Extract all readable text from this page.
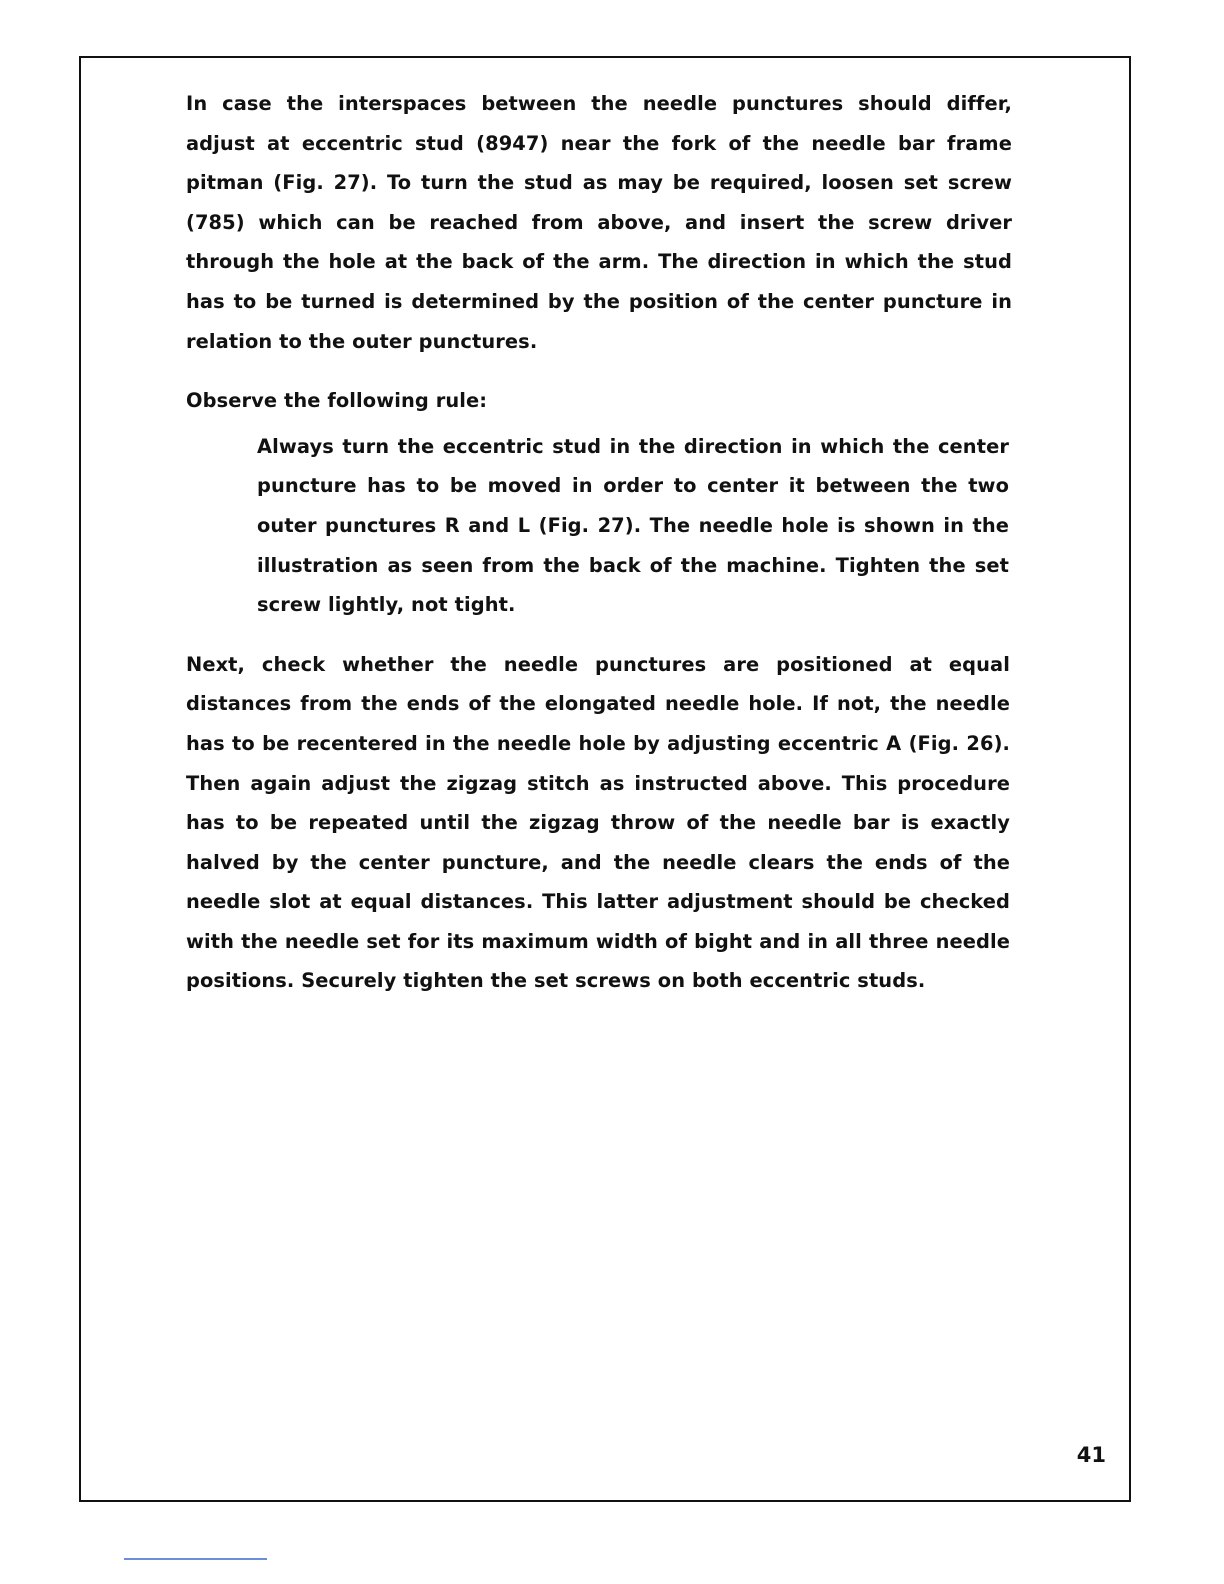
In case the interspaces between the needle punctures should differ, adjust at eccentric stud (8947) near the fork of the needle bar frame pitman (Fig. 27). To turn the stud as may be required, loosen set screw (785) which can be reached from above, and insert the screw driver through the hole at the back of the arm. The direction in which the stud has to be turned is determined by the position of the center puncture in relation to the outer punctures.

Observe the following rule:

Always turn the eccentric stud in the direction in which the center puncture has to be moved in order to center it between the two outer punctures R and L (Fig. 27). The needle hole is shown in the illustration as seen from the back of the machine. Tighten the set screw lightly, not tight.

Next, check whether the needle punctures are positioned at equal distances from the ends of the elongated needle hole. If not, the needle has to be recentered in the needle hole by adjusting eccentric A (Fig. 26). Then again adjust the zigzag stitch as instructed above. This procedure has to be repeated until the zigzag throw of the needle bar is exactly halved by the center puncture, and the needle clears the ends of the needle slot at equal distances. This latter adjustment should be checked with the needle set for its maximum width of bight and in all three needle positions. Securely tighten the set screws on both eccentric studs.

41
